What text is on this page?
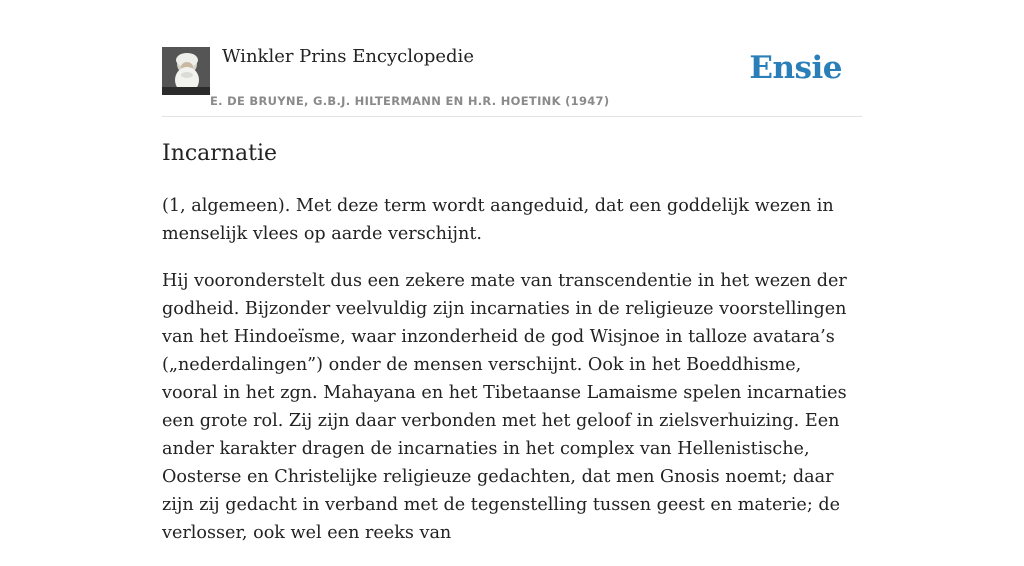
Winkler Prins Encyclopedie
E. DE BRUYNE, G.B.J. HILTERMANN EN H.R. HOETINK (1947)
Ensie
Incarnatie

(1, algemeen). Met deze term wordt aangeduid, dat een goddelijk wezen in menselijk vlees op aarde verschijnt.

Hij vooronderstelt dus een zekere mate van transcendentie in het wezen der godheid. Bijzonder veelvuldig zijn incarnaties in de religieuze voorstellingen van het Hindoeïsme, waar inzonderheid de god Wisjnoe in talloze avatara’s („nederdalingen”) onder de mensen verschijnt. Ook in het Boeddhisme, vooral in het zgn. Mahayana en het Tibetaanse Lamaisme spelen incarnaties een grote rol. Zij zijn daar verbonden met het geloof in zielsverhuizing. Een ander karakter dragen de incarnaties in het complex van Hellenistische, Oosterse en Christelijke religieuze gedachten, dat men Gnosis noemt; daar zijn zij gedacht in verband met de tegenstelling tussen geest en materie; de verlosser, ook wel een reeks van
